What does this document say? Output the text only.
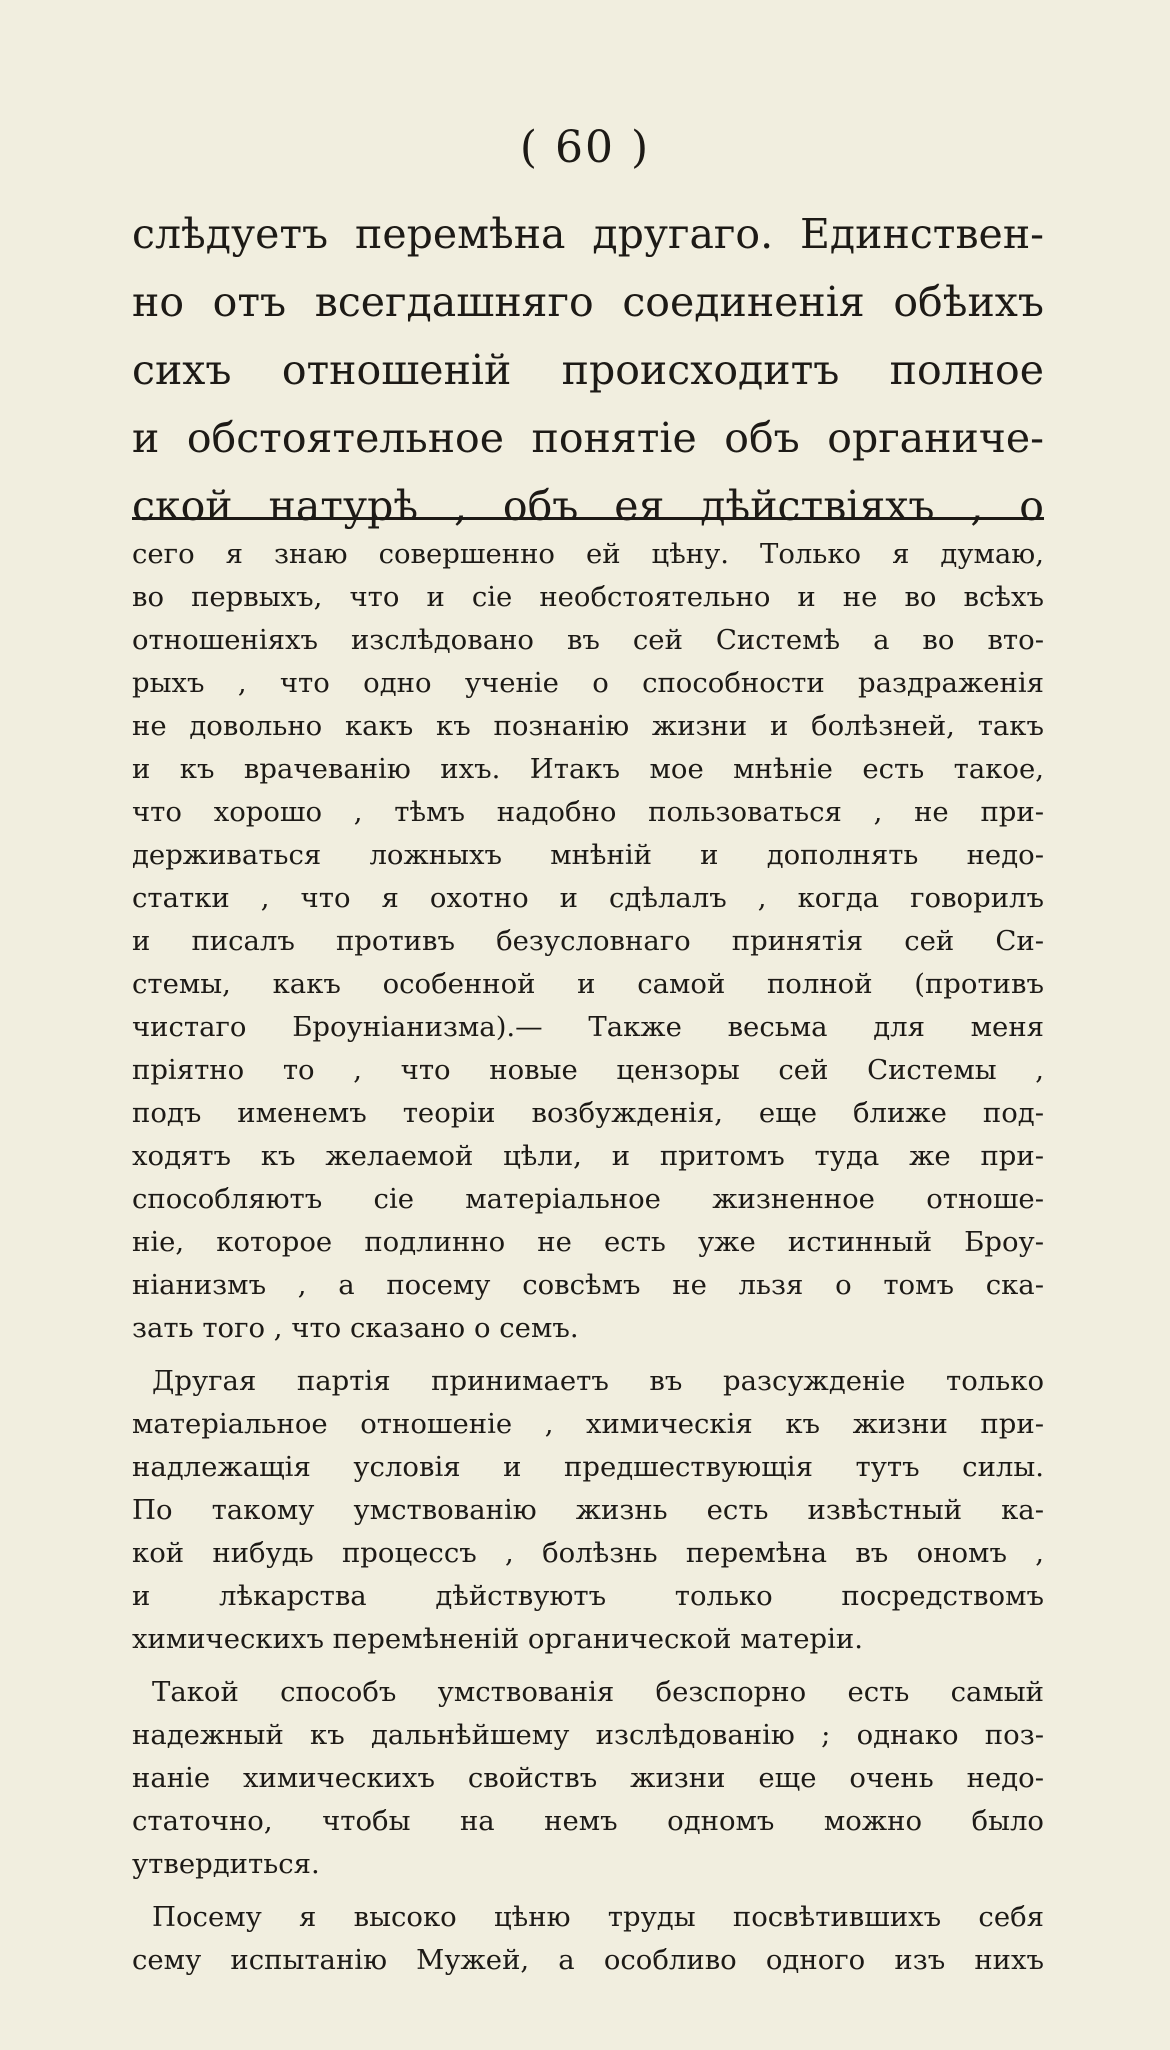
( 60 )
слѣдуетъ перемѣна другаго. Единствен-
но отъ всегдашняго соединенія обѣихъ
сихъ отношеній происходитъ полное
и обстоятельное понятіе объ органиче-
ской натурѣ , объ ея дѣйствіяхъ , о
сего я знаю совершенно ей цѣну. Только я думаю,
во первыхъ, что и сіе необстоятельно и не во всѣхъ
отношеніяхъ изслѣдовано въ сей Системѣ а во вто-
рыхъ , что одно ученіе о способности раздраженія
не довольно какъ къ познанію жизни и болѣзней, такъ
и къ врачеванію ихъ. Итакъ мое мнѣніе есть такое,
что хорошо , тѣмъ надобно пользоваться , не при-
держиваться ложныхъ мнѣній и дополнять недо-
статки , что я охотно и сдѣлалъ , когда говорилъ
и писалъ противъ безусловнаго принятія сей Си-
стемы, какъ особенной и самой полной (противъ
чистаго Броуніанизма).— Также весьма для меня
пріятно то , что новые цензоры сей Системы ,
подъ именемъ теоріи возбужденія, еще ближе под-
ходятъ къ желаемой цѣли, и притомъ туда же при-
способляютъ сіе матеріальное жизненное отноше-
ніе, которое подлинно не есть уже истинный Броу-
ніанизмъ , а посему совсѣмъ не льзя о томъ ска-
зать того , что сказано о семъ.
Другая партія принимаетъ въ разсужденіе только
матеріальное отношеніе , химическія къ жизни при-
надлежащія условія и предшествующія тутъ силы.
По такому умствованію жизнь есть извѣстный ка-
кой нибудь процессъ , болѣзнь перемѣна въ ономъ ,
и лѣкарства дѣйствуютъ только посредствомъ
химическихъ перемѣненій органической матеріи.
Такой способъ умствованія безспорно есть самый
надежный къ дальнѣйшему изслѣдованію ; однако поз-
наніе химическихъ свойствъ жизни еще очень недо-
статочно, чтобы на немъ одномъ можно было
утвердиться.
Посему я высоко цѣню труды посвѣтившихъ себя
сему испытанію Мужей, а особливо одного изъ нихъ
